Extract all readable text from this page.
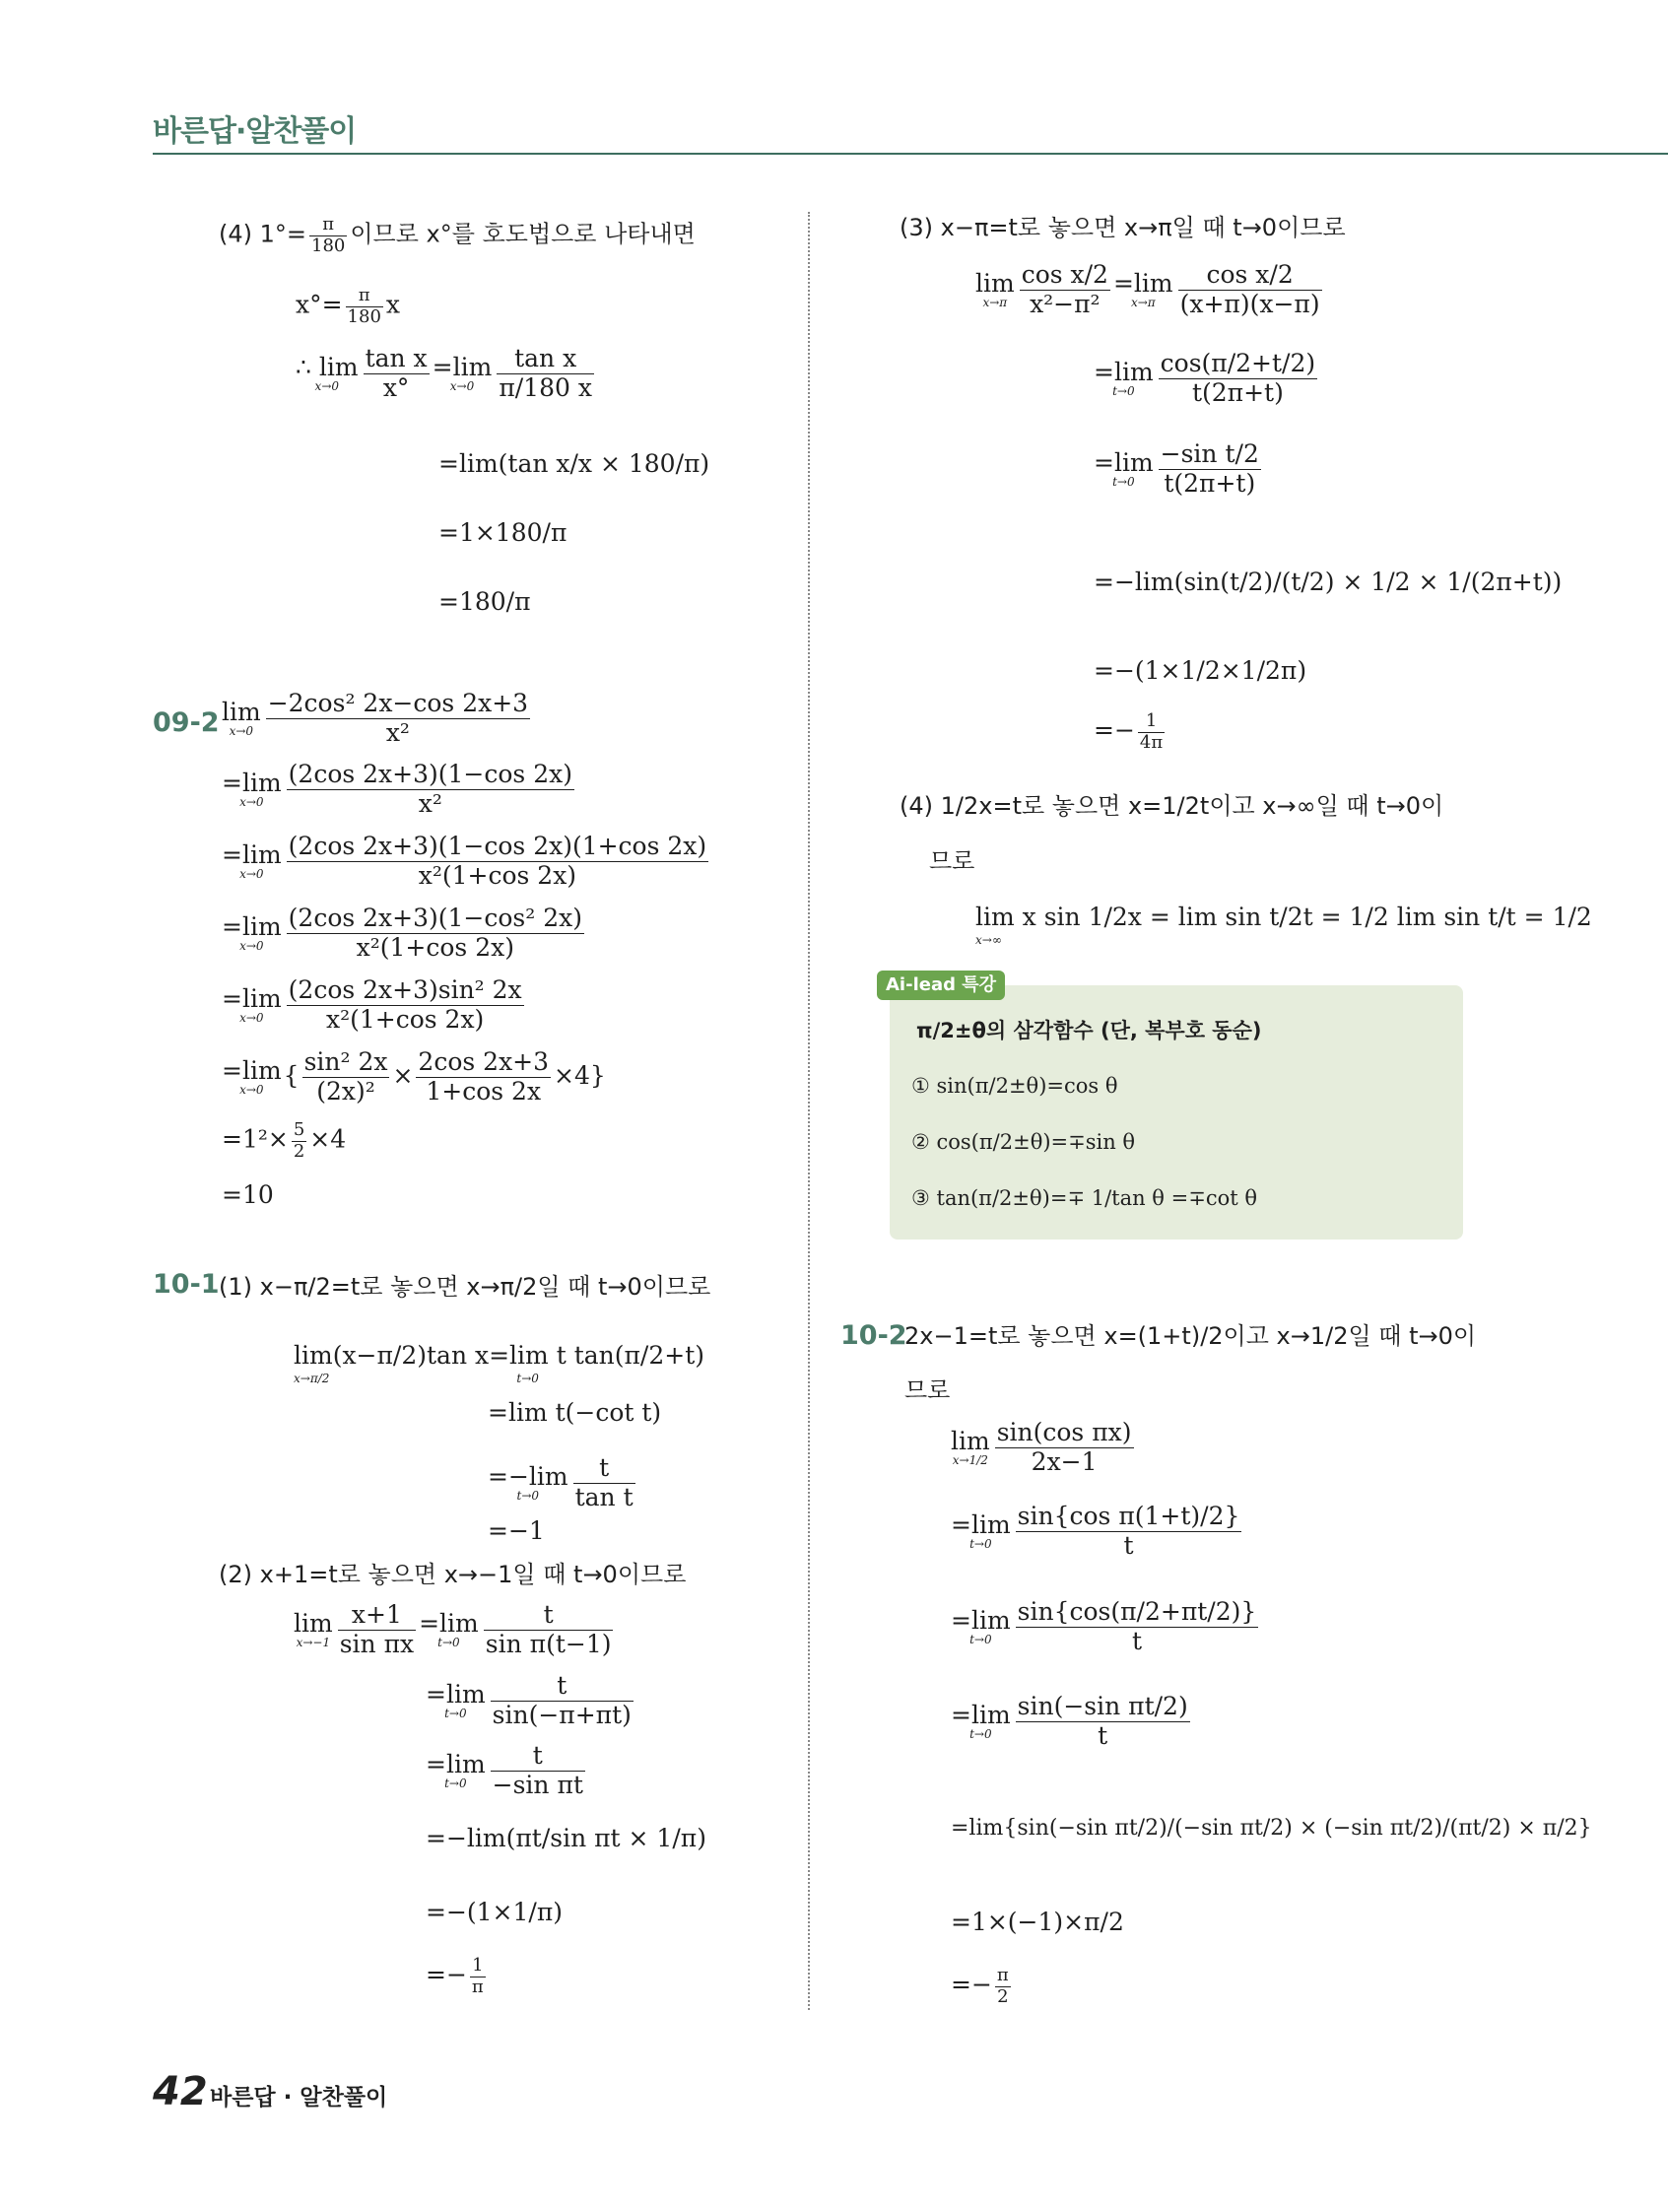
바른답·알찬풀이
(4) $1^\circ= \frac{\pi}{180}$ 이므로 x°를 호도법으로 나타내면
$x^\circ= \frac{\pi}{180}$ x
∴ lim
$x\to 0 \frac{\text{tan x}}{x^\circ} =\lim$
$x\to 0 \frac{\text{tan x}}{\pi/180 x}$
=lim(tan x/x × 180/π)
=1×180/π
=180/π
09-2 lim
$x\to 0 \frac{\text{−2cos² 2x−cos 2x+3}}{\text{x²}}$
=lim
$x\to 0 \frac{(2\cos 2x+3)(1-\cos 2x)}{\text{x²}}$
=lim
$x\to 0 \frac{(2\cos 2x+3)(1-\cos 2x)(1+\cos 2x)}{\text{x²(1+cos 2x)}}$
=lim
$x\to 0 \frac{\text{(2cos 2x+3)(1−cos² 2x)}}{\text{x²(1+cos 2x)}}$
=lim
$x\to 0 \frac{\text{(2cos 2x+3)sin² 2x}}{\text{x²(1+cos 2x)}}$
=lim
x→0
{ $\frac{\text{sin² 2x}}{\text{(2x)²}} \times \frac{2\cos 2x+3}{1+\cos 2x} \times 4$}
$=1^2\times \frac{5}{2} \times 4$
=10
10-1 (1) x−π/2=t로 놓으면 x→π/2일 때 t→0이므로
lim(x−π/2)tan x=lim t tan(π/2+t)
x→π/2	t→0
=lim t(−cot t)
=−lim
t→0	$\frac{t}{\text{tan t}}$
=−1
(2) x+1=t로 놓으면 x→−1일 때 t→0이므로
lim
$x\to-1 \frac{x+1}{\text{sin πx}} =\lim$
$t\to 0 \frac{t}{\text{sin π(t−1)}}$
=lim
$t\to 0 \frac{t}{\sin(-\pi+\pi t)}$
=lim
$t\to 0 \frac{t}{\text{−sin πt}}$
=−lim(πt/sin πt × 1/π)
=−(1×1/π)
=− $\frac{1}{\pi}$
(3) x−π=t로 놓으면 x→π일 때 t→0이므로
lim
$x\to\pi \frac{\text{cos x/2}}{\text{x²−π²}} =\lim$
$x\to\pi \frac{\text{cos x/2}}{(x+\pi)(x-\pi)}$
=lim
$t\to 0 \frac{\cos(\pi/2+t/2)}{t(2\pi+t)}$
=lim
$t\to 0 \frac{\text{−sin t/2}}{t(2\pi+t)}$
=−lim(sin(t/2)/(t/2) × 1/2 × 1/(2π+t))
=−(1×1/2×1/2π)
=− $\frac{1}{4\pi}$
(4) 1/2x=t로 놓으면 x=1/2t이고 x→∞일 때 t→0이
므로
lim x sin 1/2x = lim sin t/2t = 1/2 lim sin t/t = 1/2
x→∞
Ai-lead 특강
π/2±θ의 삼각함수 (단, 복부호 동순)
① sin(π/2±θ)=cos θ
② cos(π/2±θ)=∓sin θ
③ tan(π/2±θ)=∓ 1/tan θ =∓cot θ
10-2
2x−1=t로 놓으면 x=(1+t)/2이고 x→1/2일 때 t→0이
므로
lim
$x\to 1/2 \frac{\text{sin(cos πx)}}{2x-1}$
=lim
$t\to 0 \frac{\text{sin\{cos π(1+t)/2\}}}{t}$
=lim
$t\to 0 \frac{\sin\{\cos(\pi/2+\pi t/2)\}}{t}$
=lim
$t\to 0 \frac{\text{sin(−sin πt/2)}}{t}$
=lim{sin(−sin πt/2)/(−sin πt/2) × (−sin πt/2)/(πt/2) × π/2}
=1×(−1)×π/2
=− $\frac{\pi}{2}$
42 바른답 · 알찬풀이
